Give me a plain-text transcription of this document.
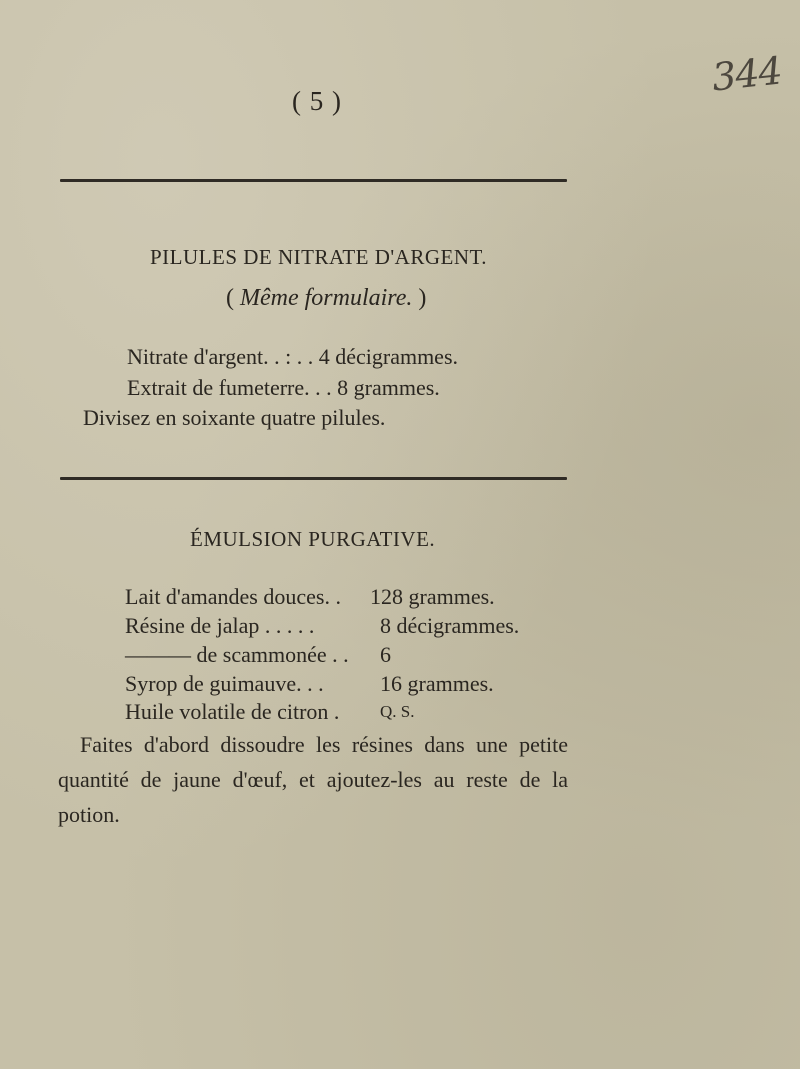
( 5 )
344
PILULES DE NITRATE D'ARGENT.
( Même formulaire. )
Nitrate d'argent. . : . . 4 décigrammes.
Extrait de fumeterre. . . 8 grammes.
Divisez en soixante quatre pilules.
ÉMULSION PURGATIVE.
Lait d'amandes douces. . 128 grammes.
Résine de jalap . . . . .	8 décigrammes.
——— de scammonée . . 6
Syrop de guimauve. . .	16 grammes.
Huile volatile de citron . Q. S.
Faites d'abord dissoudre les résines dans une petite quantité de jaune d'œuf, et ajoutez-les au reste de la potion.
